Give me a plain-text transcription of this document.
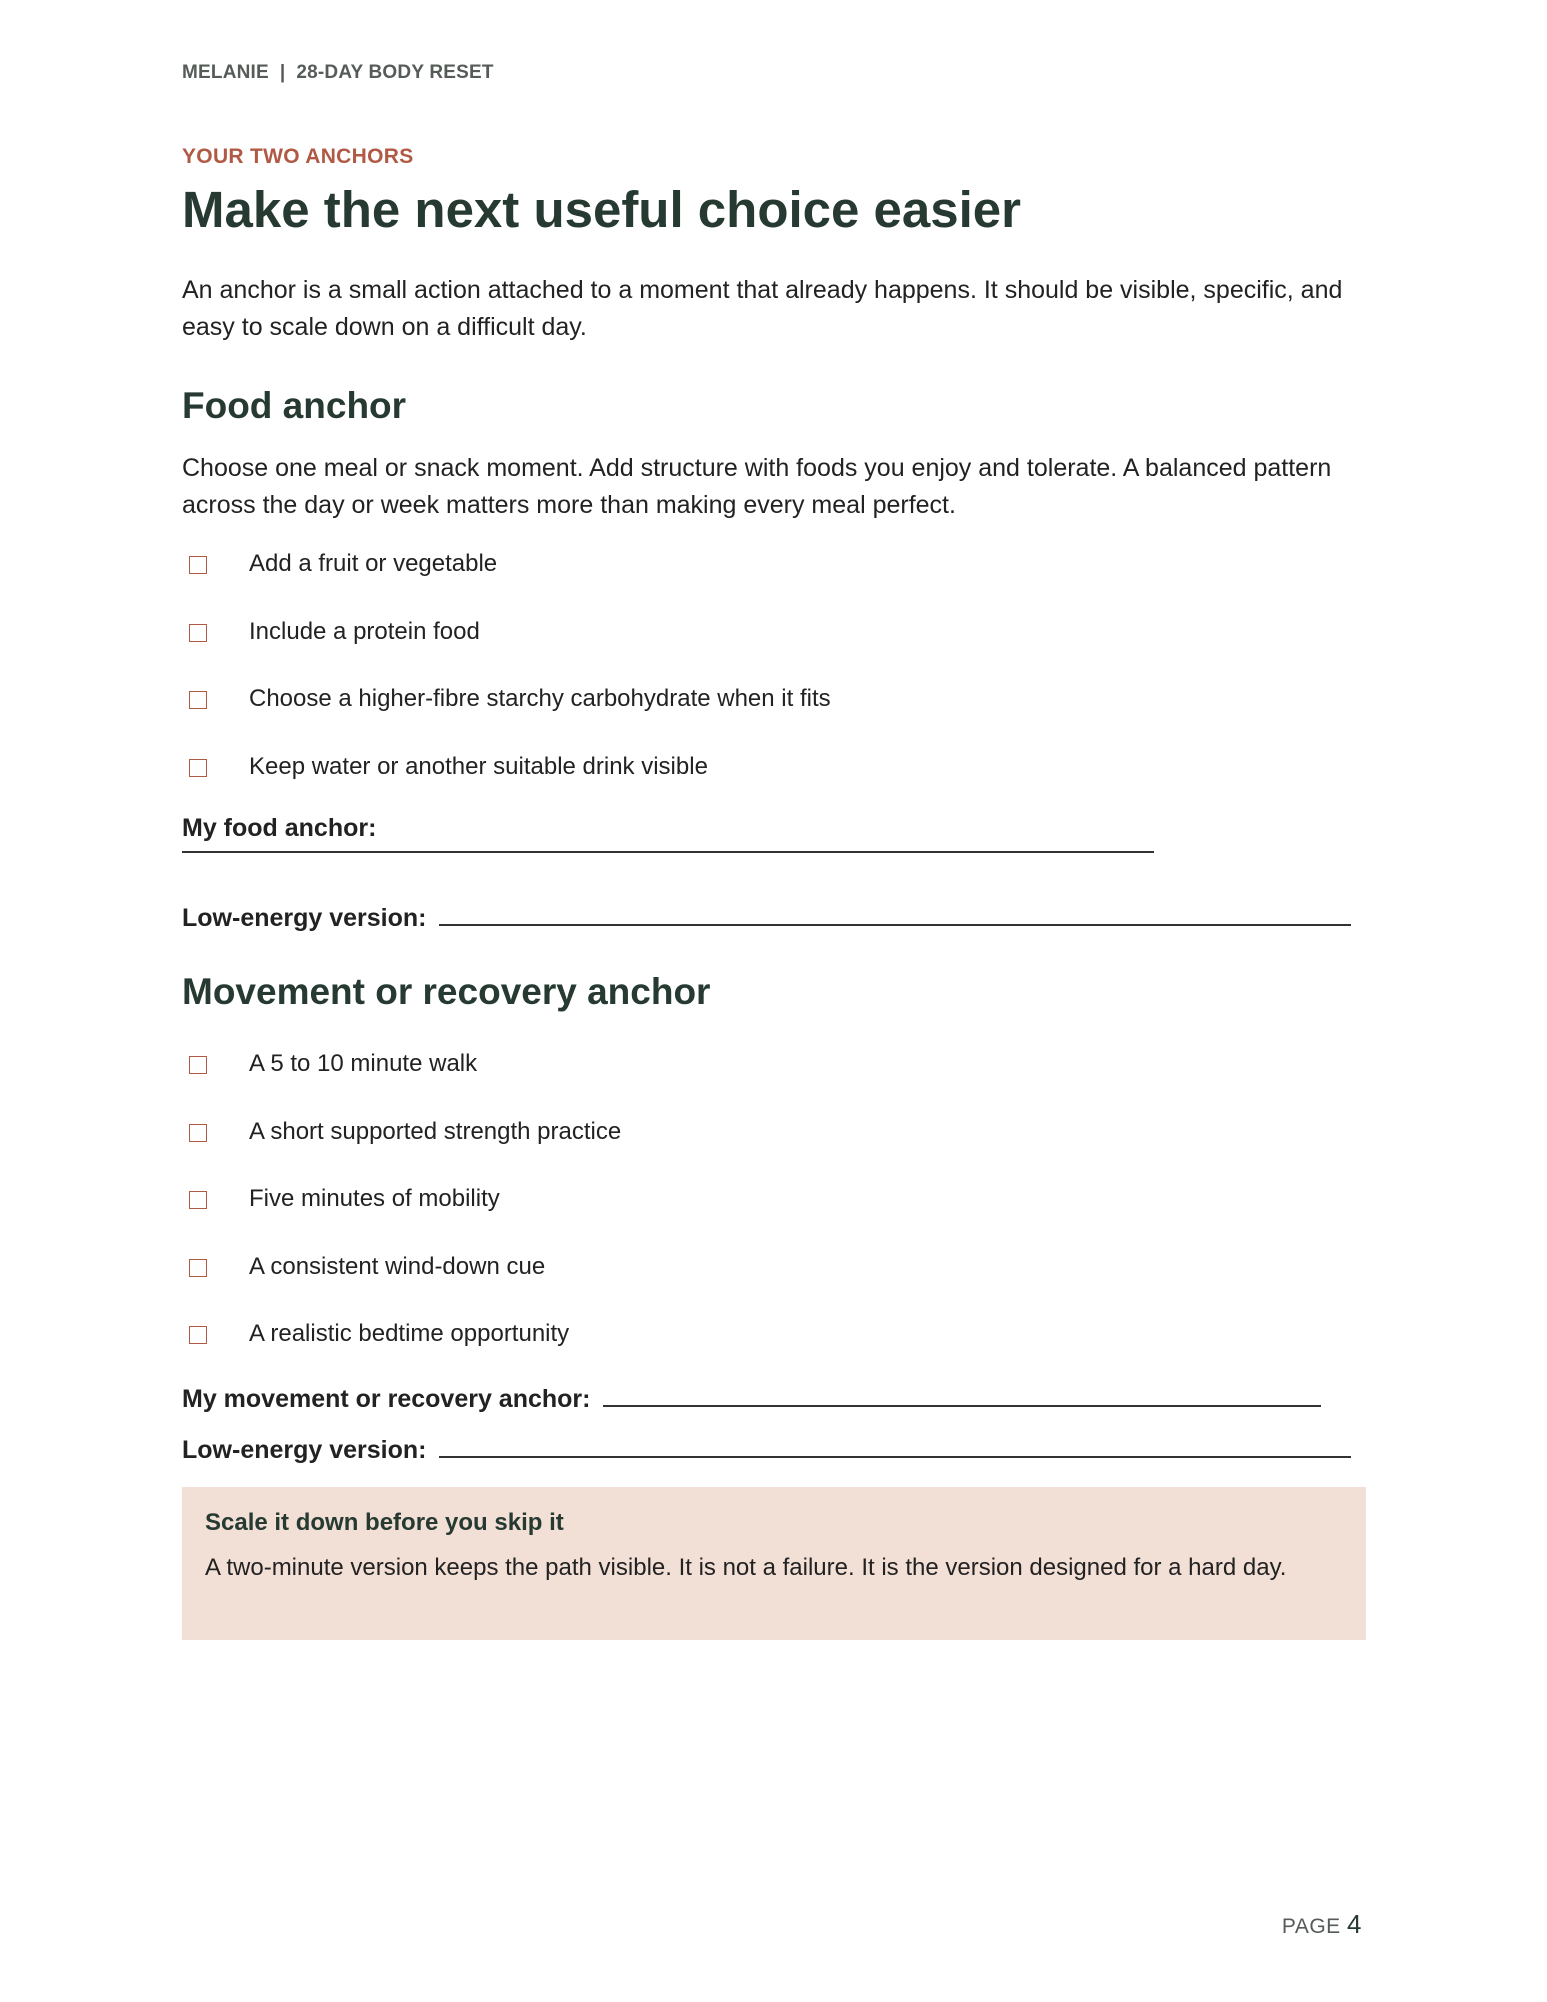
MELANIE  |  28-DAY BODY RESET
YOUR TWO ANCHORS
Make the next useful choice easier

An anchor is a small action attached to a moment that already happens. It should be visible, specific, and easy to scale down on a difficult day.

Food anchor

Choose one meal or snack moment. Add structure with foods you enjoy and tolerate. A balanced pattern across the day or week matters more than making every meal perfect.

Add a fruit or vegetable
Include a protein food
Choose a higher-fibre starchy carbohydrate when it fits
Keep water or another suitable drink visible
My food anchor:
Low-energy version:
Movement or recovery anchor
A 5 to 10 minute walk
A short supported strength practice
Five minutes of mobility
A consistent wind-down cue
A realistic bedtime opportunity
My movement or recovery anchor:
Low-energy version:

Scale it down before you skip it

A two-minute version keeps the path visible. It is not a failure. It is the version designed for a hard day.

PAGE 4
